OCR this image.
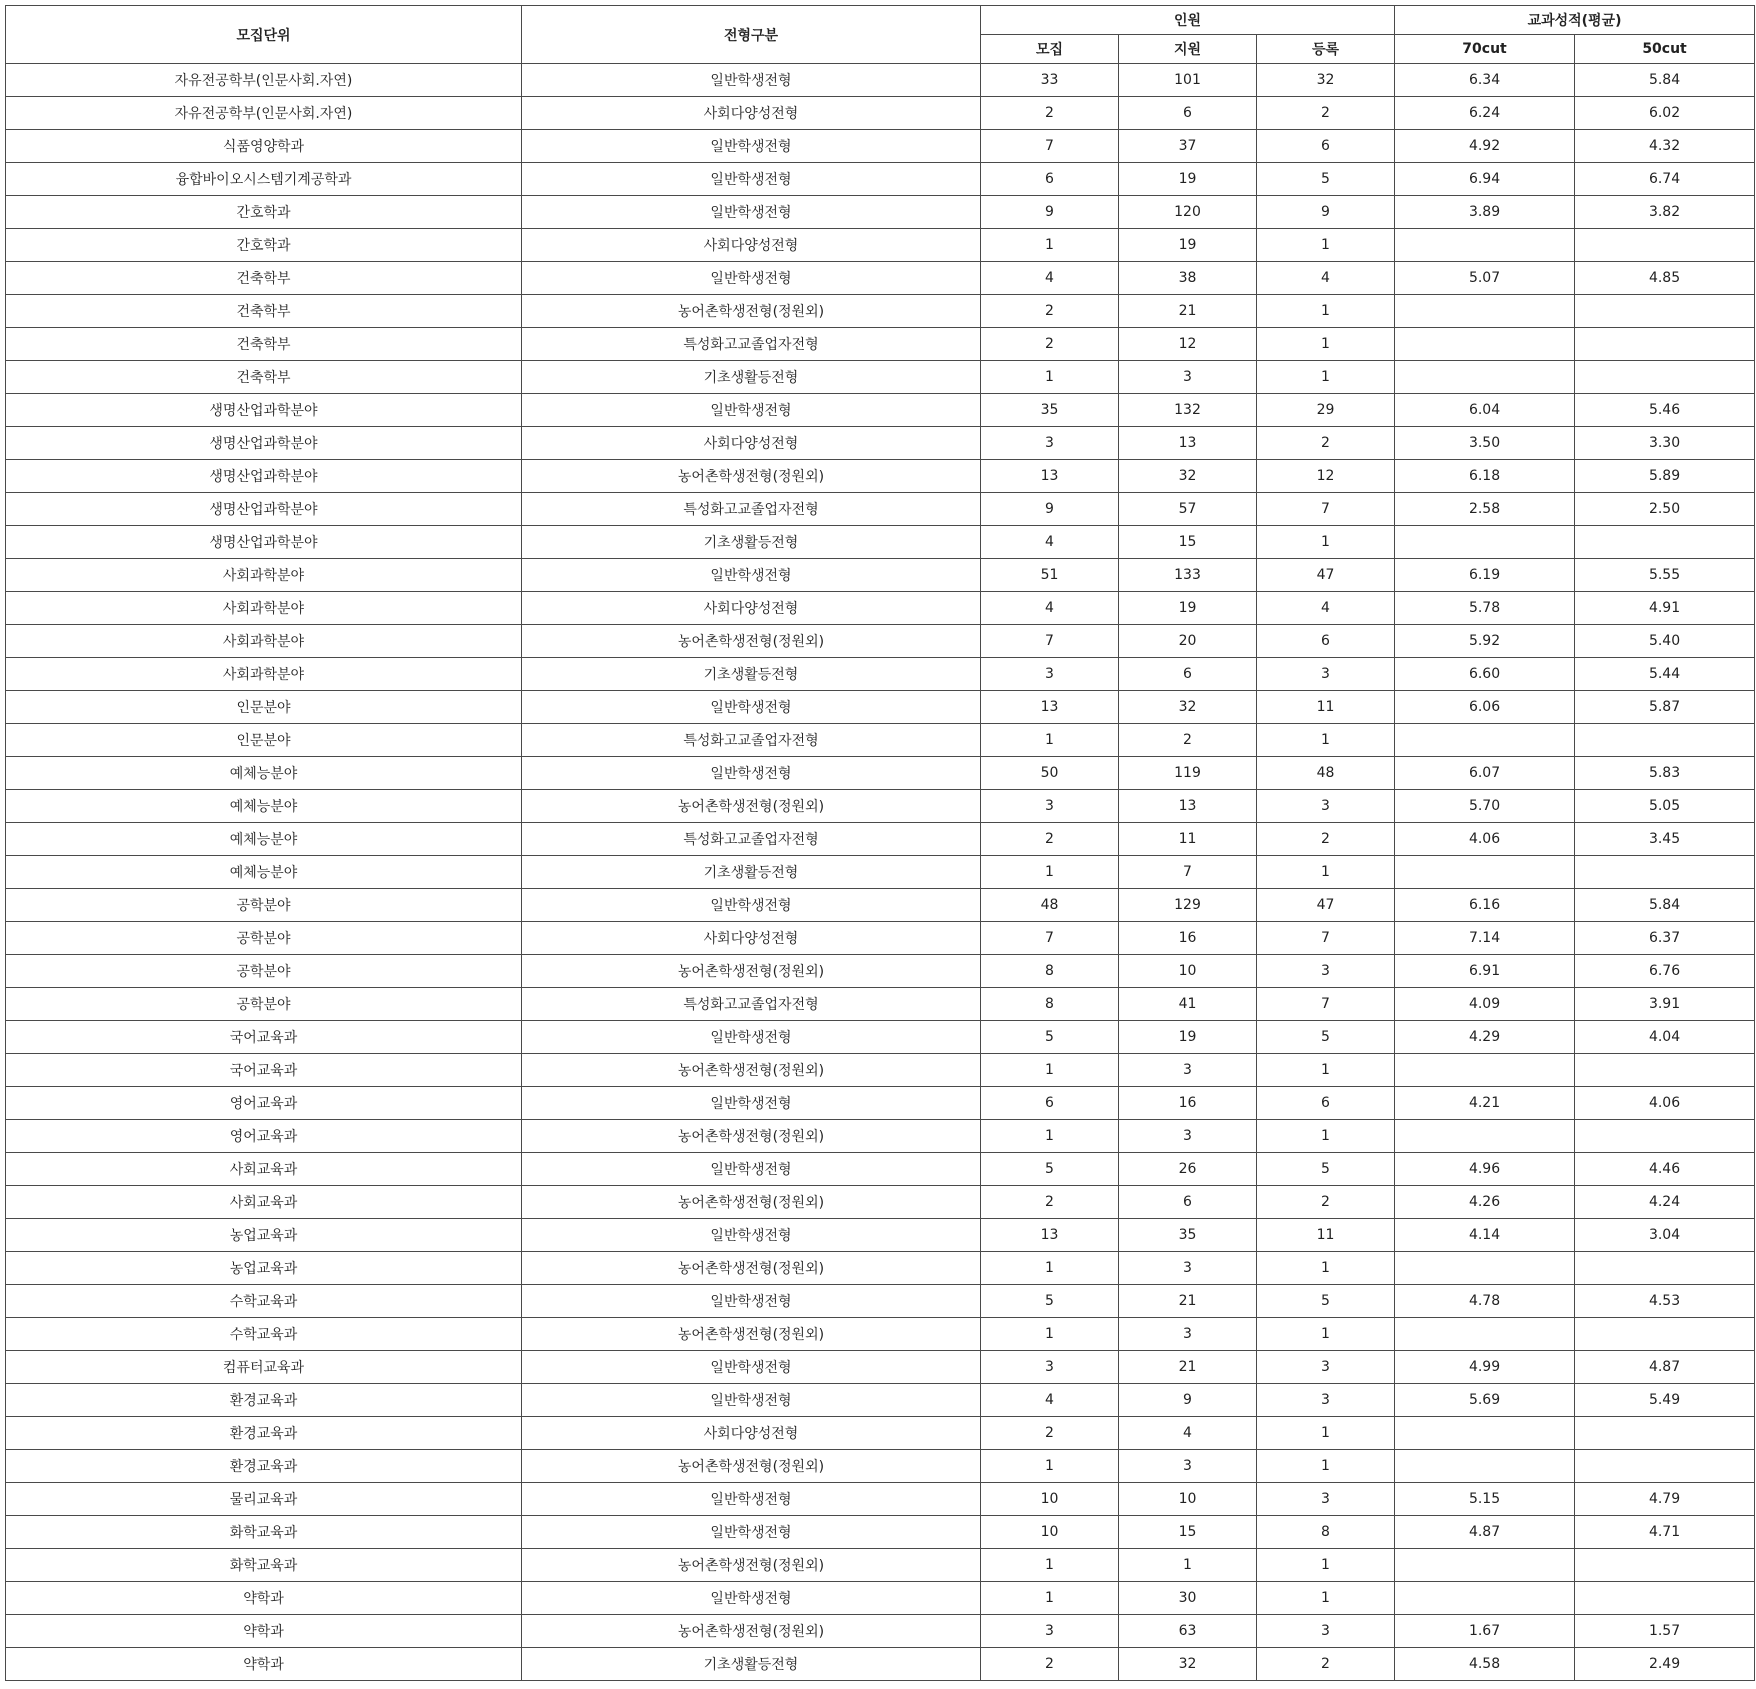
모집단위	전형구분	인원			교과성적(평균)	
		모집	지원	등록	70cut	50cut
자유전공학부(인문사회.자연)	일반학생전형	33	101	32	6.34	5.84
자유전공학부(인문사회.자연)	사회다양성전형	2	6	2	6.24	6.02
식품영양학과	일반학생전형	7	37	6	4.92	4.32
융합바이오시스템기계공학과	일반학생전형	6	19	5	6.94	6.74
간호학과	일반학생전형	9	120	9	3.89	3.82
간호학과	사회다양성전형	1	19	1		
건축학부	일반학생전형	4	38	4	5.07	4.85
건축학부	농어촌학생전형(정원외)	2	21	1		
건축학부	특성화고교졸업자전형	2	12	1		
건축학부	기초생활등전형	1	3	1		
생명산업과학분야	일반학생전형	35	132	29	6.04	5.46
생명산업과학분야	사회다양성전형	3	13	2	3.50	3.30
생명산업과학분야	농어촌학생전형(정원외)	13	32	12	6.18	5.89
생명산업과학분야	특성화고교졸업자전형	9	57	7	2.58	2.50
생명산업과학분야	기초생활등전형	4	15	1		
사회과학분야	일반학생전형	51	133	47	6.19	5.55
사회과학분야	사회다양성전형	4	19	4	5.78	4.91
사회과학분야	농어촌학생전형(정원외)	7	20	6	5.92	5.40
사회과학분야	기초생활등전형	3	6	3	6.60	5.44
인문분야	일반학생전형	13	32	11	6.06	5.87
인문분야	특성화고교졸업자전형	1	2	1		
예체능분야	일반학생전형	50	119	48	6.07	5.83
예체능분야	농어촌학생전형(정원외)	3	13	3	5.70	5.05
예체능분야	특성화고교졸업자전형	2	11	2	4.06	3.45
예체능분야	기초생활등전형	1	7	1		
공학분야	일반학생전형	48	129	47	6.16	5.84
공학분야	사회다양성전형	7	16	7	7.14	6.37
공학분야	농어촌학생전형(정원외)	8	10	3	6.91	6.76
공학분야	특성화고교졸업자전형	8	41	7	4.09	3.91
국어교육과	일반학생전형	5	19	5	4.29	4.04
국어교육과	농어촌학생전형(정원외)	1	3	1		
영어교육과	일반학생전형	6	16	6	4.21	4.06
영어교육과	농어촌학생전형(정원외)	1	3	1		
사회교육과	일반학생전형	5	26	5	4.96	4.46
사회교육과	농어촌학생전형(정원외)	2	6	2	4.26	4.24
농업교육과	일반학생전형	13	35	11	4.14	3.04
농업교육과	농어촌학생전형(정원외)	1	3	1		
수학교육과	일반학생전형	5	21	5	4.78	4.53
수학교육과	농어촌학생전형(정원외)	1	3	1		
컴퓨터교육과	일반학생전형	3	21	3	4.99	4.87
환경교육과	일반학생전형	4	9	3	5.69	5.49
환경교육과	사회다양성전형	2	4	1		
환경교육과	농어촌학생전형(정원외)	1	3	1		
물리교육과	일반학생전형	10	10	3	5.15	4.79
화학교육과	일반학생전형	10	15	8	4.87	4.71
화학교육과	농어촌학생전형(정원외)	1	1	1		
약학과	일반학생전형	1	30	1		
약학과	농어촌학생전형(정원외)	3	63	3	1.67	1.57
약학과	기초생활등전형	2	32	2	4.58	2.49
